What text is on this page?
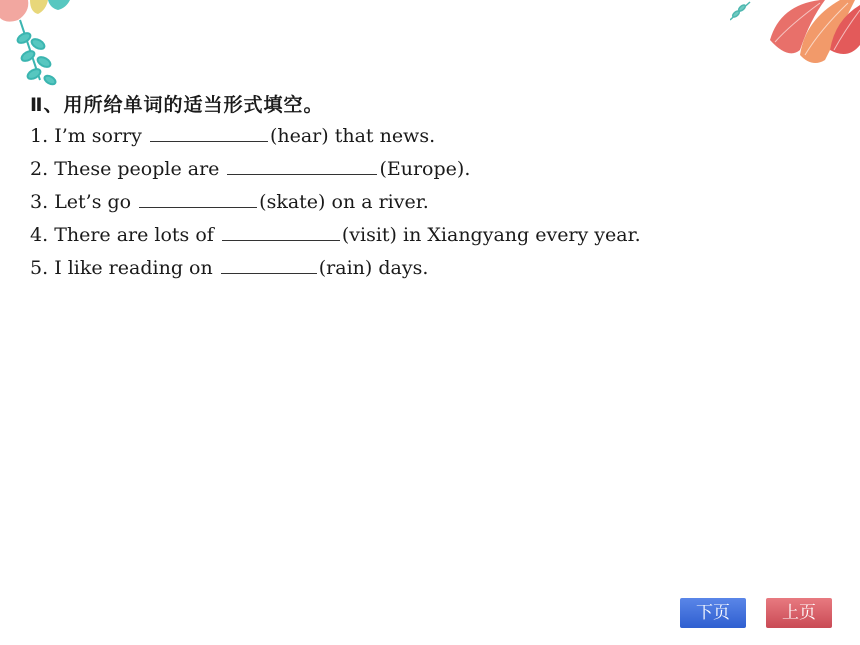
Ⅱ、用所给单词的适当形式填空。
1. I’m sorry	(hear) that news.
2. These people are	(Europe).
3. Let’s go	(skate) on a river.
4. There are lots of	(visit) in Xiangyang every year.
5. I like reading on	(rain) days.
下页	上页
